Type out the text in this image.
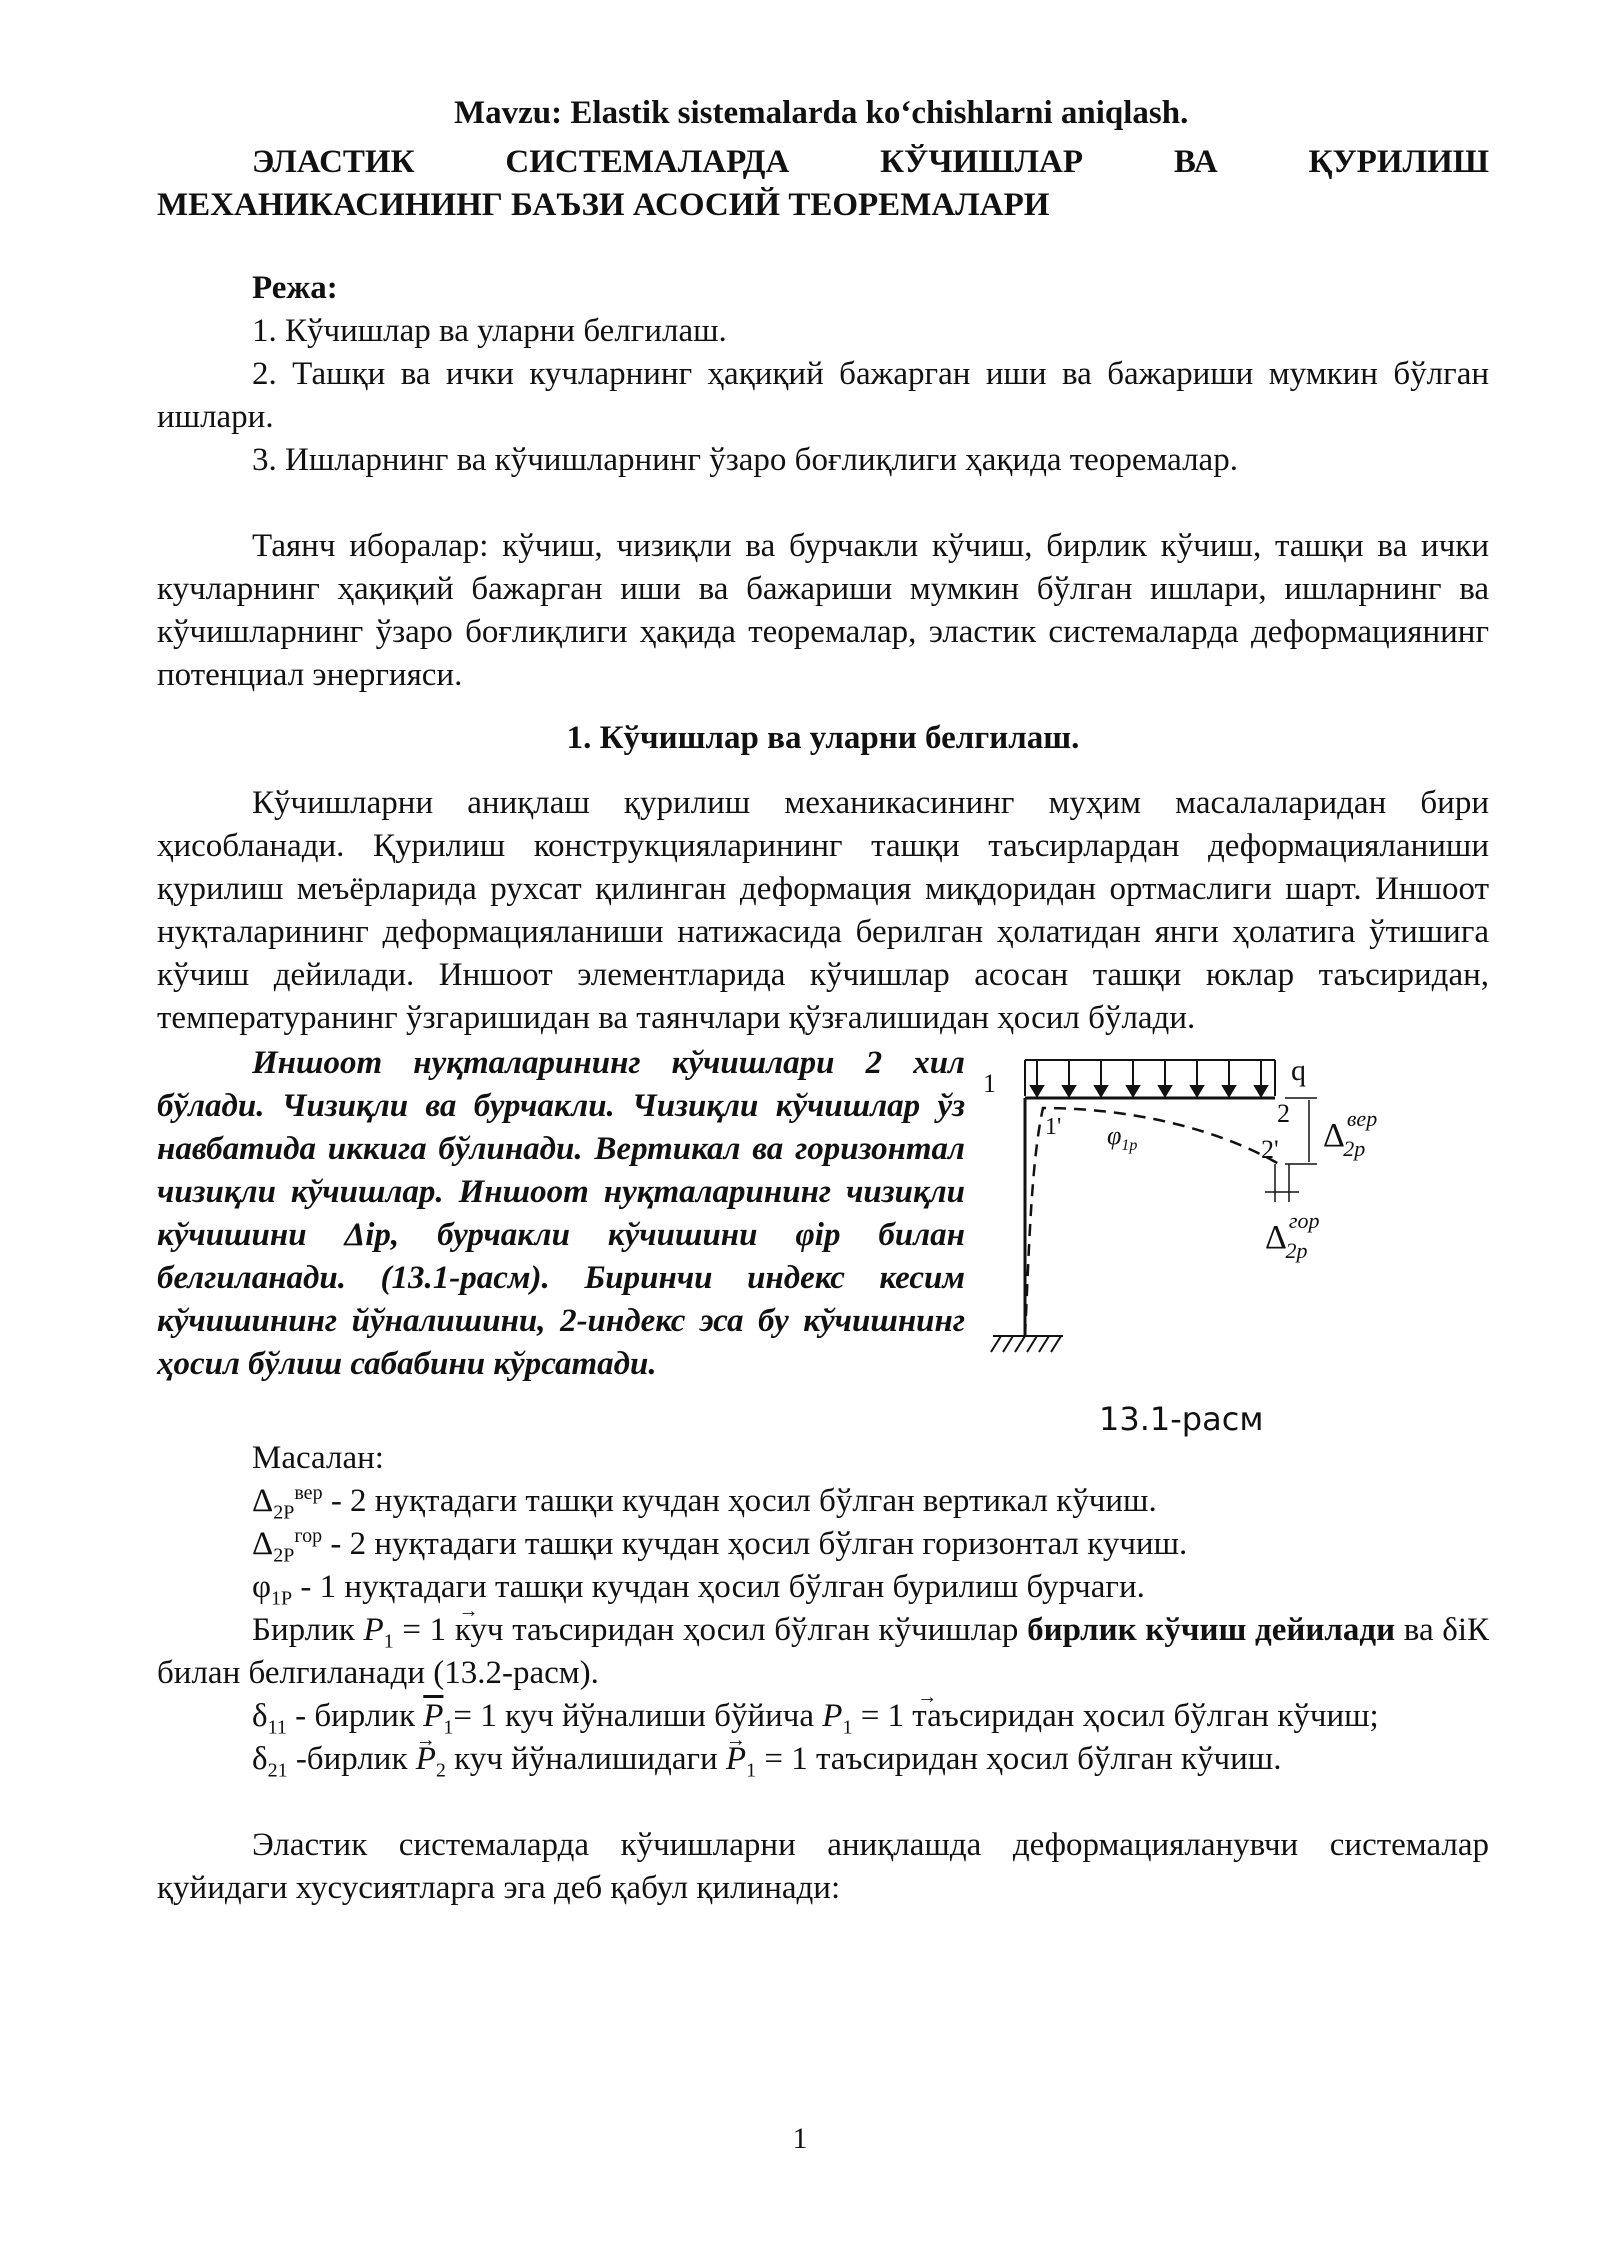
Mavzu: Elastik sistemalarda ko‘chishlarni aniqlash.
ЭЛАСТИК	СИСТЕМАЛАРДА	КЎЧИШЛАР	ВА	ҚУРИЛИШ
МЕХАНИКАСИНИНГ БАЪЗИ АСОСИЙ ТЕОРЕМАЛАРИ
Режа:
1. Кўчишлар ва уларни белгилаш.
2. Ташқи ва ички кучларнинг ҳақиқий бажарган иши ва бажариши мумкин бўлган ишлари.
3. Ишларнинг ва кўчишларнинг ўзаро боғлиқлиги ҳақида теоремалар.
Таянч иборалар: кўчиш, чизиқли ва бурчакли кўчиш, бирлик кўчиш, ташқи ва ички кучларнинг ҳақиқий бажарган иши ва бажариши мумкин бўлган ишлари, ишларнинг ва кўчишларнинг ўзаро боғлиқлиги ҳақида теоремалар, эластик системаларда деформациянинг потенциал энергияси.
1. Кўчишлар ва уларни белгилаш.
Кўчишларни аниқлаш қурилиш механикасининг муҳим масалаларидан бири ҳисобланади. Қурилиш конструкцияларининг ташқи таъсирлардан деформацияланиши қурилиш меъёрларида рухсат қилинган деформация миқдоридан ортмаслиги шарт. Иншоот нуқталарининг деформацияланиши натижасида берилган ҳолатидан янги ҳолатига ўтишига кўчиш дейилади. Иншоот элементларида кўчишлар асосан ташқи юклар таъсиридан, температуранинг ўзгаришидан ва таянчлари қўзғалишидан ҳосил бўлади.
Иншоот нуқталарининг кўчишлари 2 хил бўлади. Чизиқли ва бурчакли. Чизиқли кўчишлар ўз навбатида иккига бўлинади. Вертикал ва горизонтал чизиқли кўчишлар. Иншоот нуқталарининг чизиқли кўчишини Δip, бурчакли кўчишини φip билан белгиланади. (13.1-расм). Биринчи индекс кесим кўчишининг йўналишини, 2-индекс эса бу кўчишнинг ҳосил бўлиш сабабини кўрсатади.
q
1
2
1'
2'
$\varphi_{1p}$	$\Delta^{вер}$ 2p
$\Delta^{гор}$ 2p
13.1-расм
Масалан:
$\Delta_{2P}^{вер} - 2$ нуқтадаги ташқи кучдан ҳосил бўлган вертикал кўчиш.
$\Delta_{2P}^{гор} - 2$ нуқтадаги ташқи кучдан ҳосил бўлган горизонтал кучиш.
$\varphi_{1P} - 1$ нуқтадаги ташқи кучдан ҳосил бўлган бурилиш бурчаги.
Бирлик → $P_1 = 1$ куч таъсиридан ҳосил бўлган кўчишлар бирлик кўчиш дейилади ва δiК билан белгиланади (13.2-расм).
$\delta_{11}$ - бирлик $\overline{P}_1= 1$ куч йўналиши бўйича → $P_1 = 1$ таъсиридан ҳосил бўлган кўчиш;
$\delta_{21}$ -бирлик → $P_2$ куч йўналишидаги → $P_1 = 1$ таъсиридан ҳосил бўлган кўчиш.
Эластик системаларда кўчишларни аниқлашда деформацияланувчи системалар қуйидаги хусусиятларга эга деб қабул қилинади:
1
